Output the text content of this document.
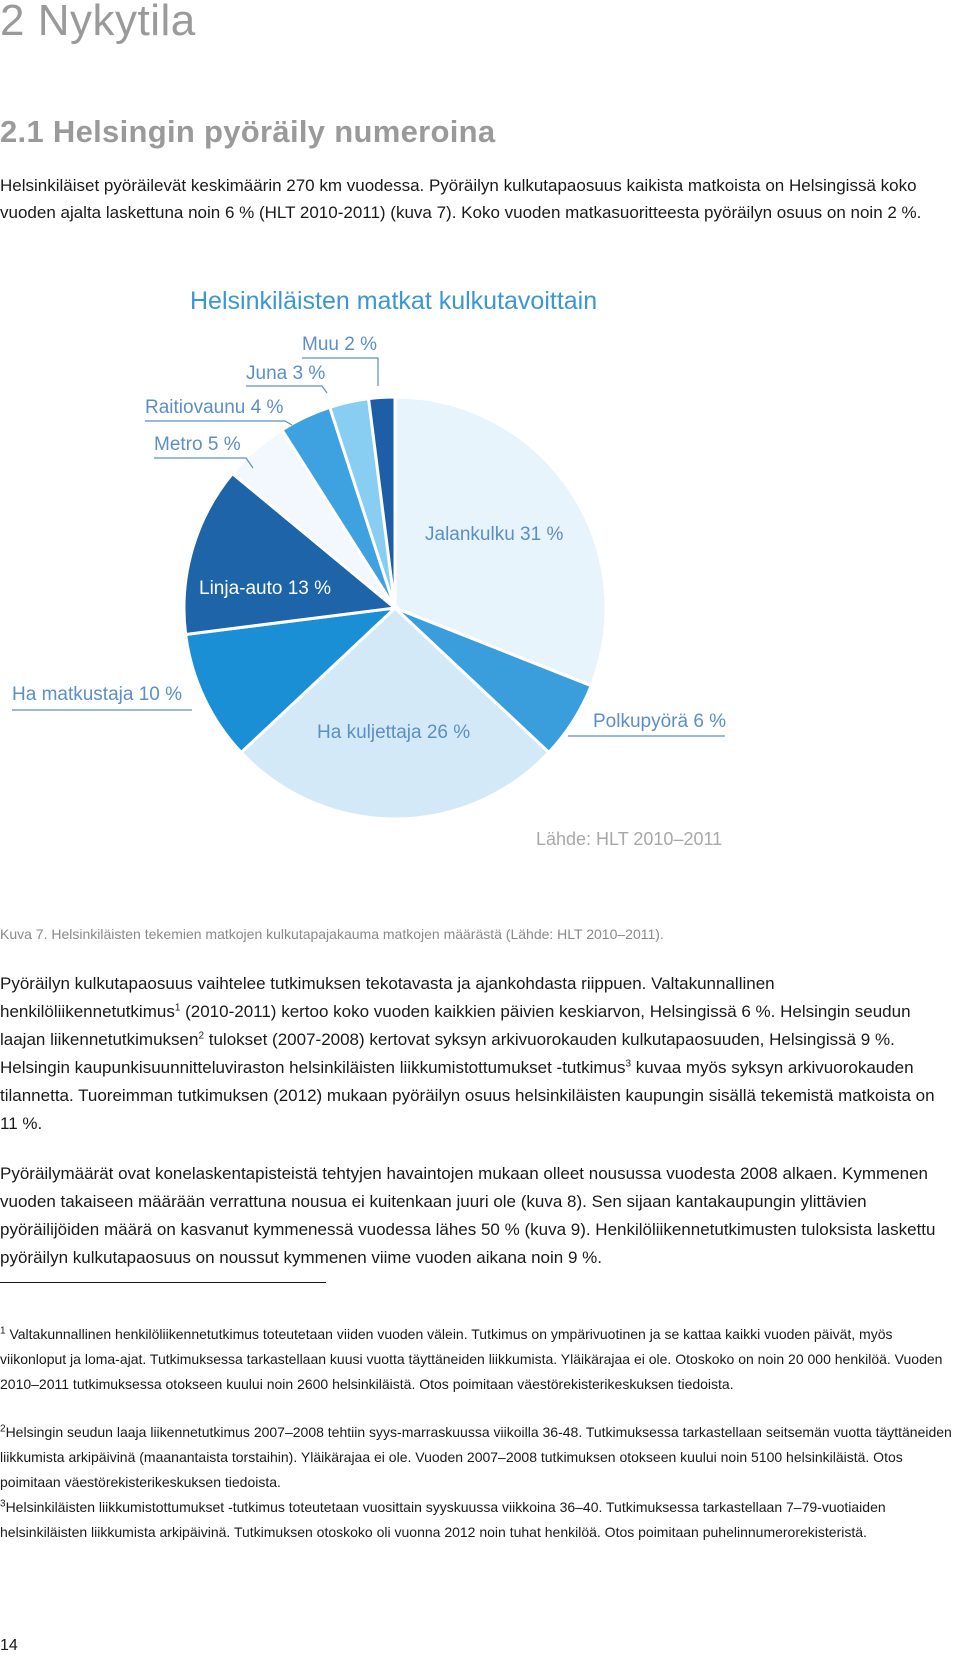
2 Nykytila
2.1 Helsingin pyöräily numeroina

Helsinkiläiset pyöräilevät keskimäärin 270 km vuodessa. Pyöräilyn kulkutapaosuus kaikista matkoista on Helsingissä koko vuoden ajalta laskettuna noin 6 % (HLT 2010-2011) (kuva 7). Koko vuoden matkasuoritteesta pyöräilyn osuus on noin 2 %.

Helsinkiläisten matkat kulkutavoittain
Jalankulku 31 %
Polkupyörä 6 %
Ha kuljettaja 26 %
Ha matkustaja 10 %
Linja-auto 13 %
Metro 5 %
Raitiovaunu 4 %
Juna 3 %
Muu 2 %
Lähde: HLT 2010–2011

Kuva 7. Helsinkiläisten tekemien matkojen kulkutapajakauma matkojen määrästä (Lähde: HLT 2010–2011).

Pyöräilyn kulkutapaosuus vaihtelee tutkimuksen tekotavasta ja ajankohdasta riippuen. Valtakunnallinen henkilöliikennetutkimus$^1$ (2010-2011) kertoo koko vuoden kaikkien päivien keskiarvon, Helsingissä 6 %. Helsingin seudun laajan liikennetutkimuksen$^2$ tulokset (2007-2008) kertovat syksyn arkivuorokauden kulkutapaosuuden, Helsingissä 9 %. Helsingin kaupunkisuunnitteluviraston helsinkiläisten liikkumistottumukset -tutkimus$^3$ kuvaa myös syksyn arkivuorokauden tilannetta. Tuoreimman tutkimuksen (2012) mukaan pyöräilyn osuus helsinkiläisten kaupungin sisällä tekemistä matkoista on 11 %.

Pyöräilymäärät ovat konelaskentapisteistä tehtyjen havaintojen mukaan olleet nousussa vuodesta 2008 alkaen. Kymmenen vuoden takaiseen määrään verrattuna nousua ei kuitenkaan juuri ole (kuva 8). Sen sijaan kantakaupungin ylittävien pyöräilijöiden määrä on kasvanut kymmenessä vuodessa lähes 50 % (kuva 9). Henkilöliikennetutkimusten tuloksista laskettu pyöräilyn kulkutapaosuus on noussut kymmenen viime vuoden aikana noin 9 %.

$^1$ Valtakunnallinen henkilöliikennetutkimus toteutetaan viiden vuoden välein. Tutkimus on ympärivuotinen ja se kattaa kaikki vuoden päivät, myös viikonloput ja loma-ajat. Tutkimuksessa tarkastellaan kuusi vuotta täyttäneiden liikkumista. Yläikärajaa ei ole. Otoskoko on noin 20 000 henkilöä. Vuoden 2010–2011 tutkimuksessa otokseen kuului noin 2600 helsinkiläistä. Otos poimitaan väestörekisterikeskuksen tiedoista.

$^2$Helsingin seudun laaja liikennetutkimus 2007–2008 tehtiin syys-marraskuussa viikoilla 36-48. Tutkimuksessa tarkastellaan seitsemän vuotta täyttäneiden liikkumista arkipäivinä (maanantaista torstaihin). Yläikärajaa ei ole. Vuoden 2007–2008 tutkimuksen otokseen kuului noin 5100 helsinkiläistä. Otos poimitaan väestörekisterikeskuksen tiedoista.

$^3$Helsinkiläisten liikkumistottumukset -tutkimus toteutetaan vuosittain syyskuussa viikkoina 36–40. Tutkimuksessa tarkastellaan 7–79-vuotiaiden helsinkiläisten liikkumista arkipäivinä. Tutkimuksen otoskoko oli vuonna 2012 noin tuhat henkilöä. Otos poimitaan puhelinnumerorekisteristä.

14
